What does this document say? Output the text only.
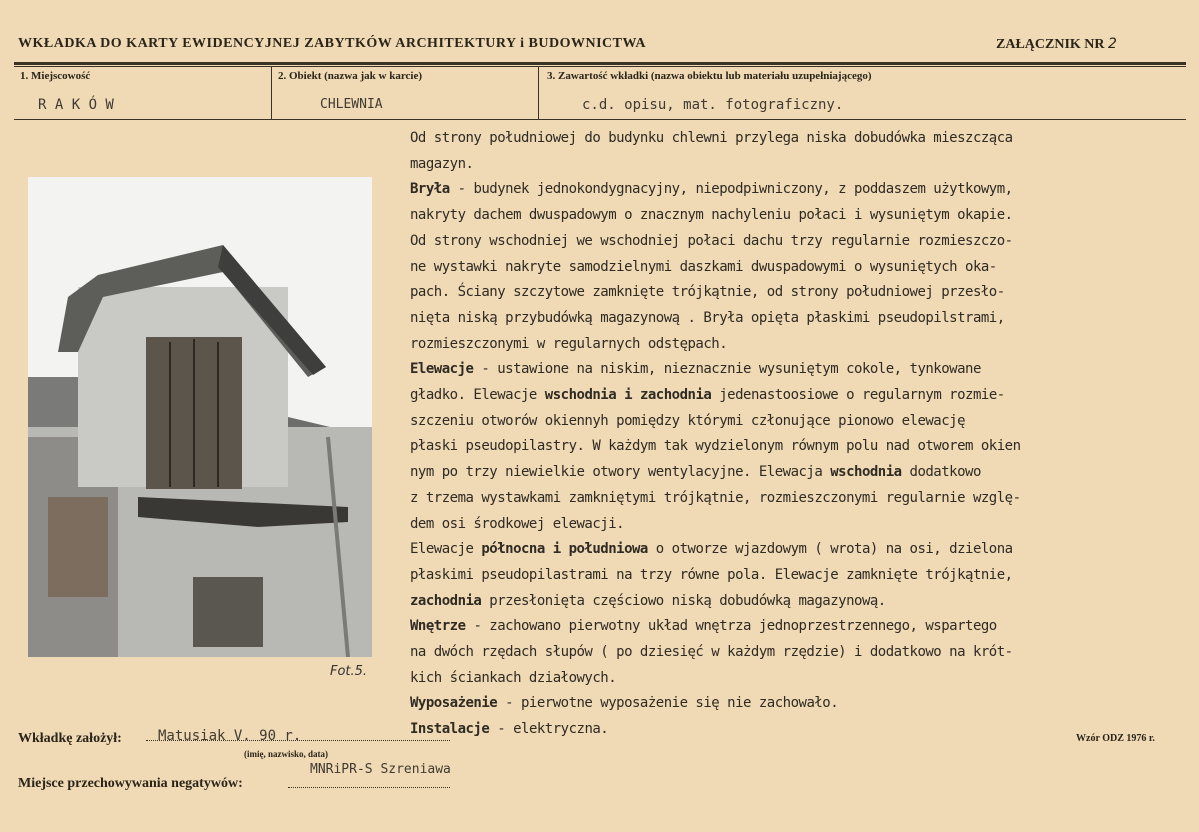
WKŁADKA DO KARTY EWIDENCYJNEJ ZABYTKÓW ARCHITEKTURY i BUDOWNICTWA	ZAŁĄCZNIK NR 2
1. Miejscowość	2. Obiekt (nazwa jak w karcie)	3. Zawartość wkładki (nazwa obiektu lub materiału uzupełniającego)
R A K Ó W	CHLEWNIA	c.d. opisu, mat. fotograficzny.
Fot.5.
Od strony południowej do budynku chlewni przylega niska dobudówka mieszcząca
magazyn.
Bryła - budynek jednokondygnacyjny, niepodpiwniczony, z poddaszem użytkowym,
nakryty dachem dwuspadowym o znacznym nachyleniu połaci i wysuniętym okapie.
Od strony wschodniej we wschodniej połaci dachu trzy regularnie rozmieszczo-
ne wystawki nakryte samodzielnymi daszkami dwuspadowymi o wysuniętych oka-
pach. Ściany szczytowe zamknięte trójkątnie, od strony południowej przesło-
nięta niską przybudówką magazynową . Bryła opięta płaskimi pseudopilstrami,
rozmieszczonymi w regularnych odstępach.
Elewacje - ustawione na niskim, nieznacznie wysuniętym cokole, tynkowane
gładko. Elewacje wschodnia i zachodnia jedenastoosiowe o regularnym rozmie-
szczeniu otworów okiennyh pomiędzy którymi członujące pionowo elewację
płaski pseudopilastry. W każdym tak wydzielonym równym polu nad otworem okien
nym po trzy niewielkie otwory wentylacyjne. Elewacja wschodnia dodatkowo
z trzema wystawkami zamkniętymi trójkątnie, rozmieszczonymi regularnie wzglę-
dem osi środkowej elewacji.
Elewacje północna i południowa o otworze wjazdowym ( wrota) na osi, dzielona
płaskimi pseudopilastrami na trzy równe pola. Elewacje zamknięte trójkątnie,
zachodnia przesłonięta częściowo niską dobudówką magazynową.
Wnętrze - zachowano pierwotny układ wnętrza jednoprzestrzennego, wspartego
na dwóch rzędach słupów ( po dziesięć w każdym rzędzie) i dodatkowo na krót-
kich ściankach działowych.
Wyposażenie - pierwotne wyposażenie się nie zachowało.
Instalacje - elektryczna.
Wkładkę założył:	Matusiak V. 90 r.
(imię, nazwisko, data)
Miejsce przechowywania negatywów:
MNRiPR-S Szreniawa
Wzór ODZ 1976 r.
